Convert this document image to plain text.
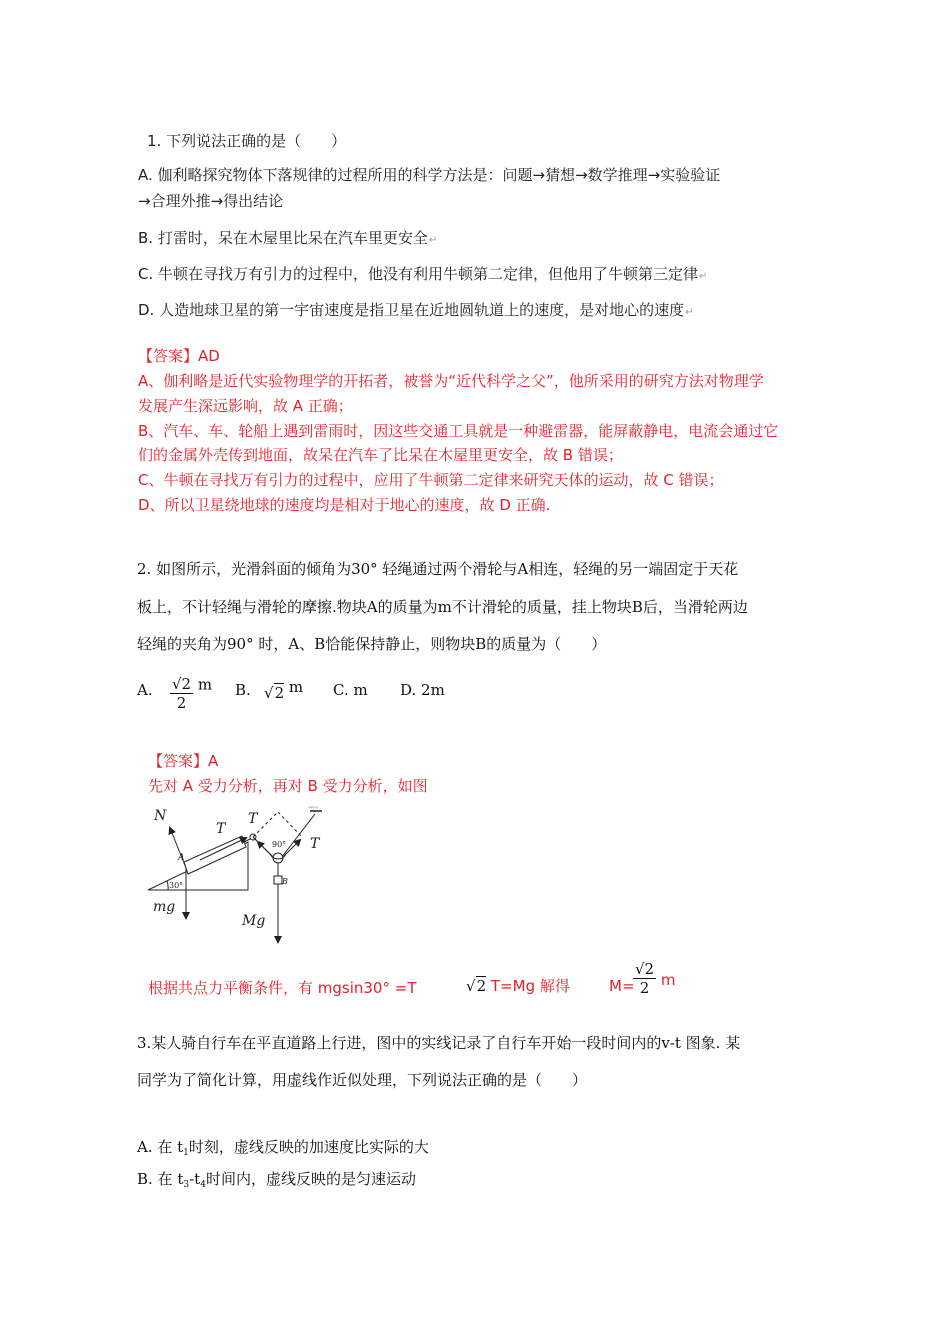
1. 下列说法正确的是（　　）
A. 伽利略探究物体下落规律的过程所用的科学方法是：问题→猜想→数学推理→实验验证
→合理外推→得出结论
B. 打雷时，呆在木屋里比呆在汽车里更安全↵
C. 牛顿在寻找万有引力的过程中，他没有利用牛顿第二定律，但他用了牛顿第三定律↵
D. 人造地球卫星的第一宇宙速度是指卫星在近地圆轨道上的速度，是对地心的速度↵
【答案】AD
A、伽利略是近代实验物理学的开拓者，被誉为“近代科学之父”，他所采用的研究方法对物理学
发展产生深远影响，故 A 正确；
B、汽车、车、轮船上遇到雷雨时，因这些交通工具就是一种避雷器，能屏蔽静电，电流会通过它
们的金属外壳传到地面，故呆在汽车了比呆在木屋里更安全，故 B 错误；
C、牛顿在寻找万有引力的过程中，应用了牛顿第二定律来研究天体的运动，故 C 错误；
D、所以卫星绕地球的速度均是相对于地心的速度，故 D 正确.
2. 如图所示，光滑斜面的倾角为30° 轻绳通过两个滑轮与A相连，轻绳的另一端固定于天花
板上，不计轻绳与滑轮的摩擦.物块A的质量为m不计滑轮的质量，挂上物块B后，当滑轮两边
轻绳的夹角为90° 时，A、B恰能保持静止，则物块B的质量为（　　）
A. $\frac{√2}{2}$ m B. √2 m C. m D. 2m
【答案】A
先对 A 受力分析，再对 B 受力分析，如图
N
T
T
T
A
B
30°
90°
mg
Mg
ceiling
根据共点力平衡条件，有 mgsin30° =T	√2 T=Mg 解得	M=
$\frac{√2}{2}$ m
3.某人骑自行车在平直道路上行进，图中的实线记录了自行车开始一段时间内的v-t 图象. 某
同学为了简化计算，用虚线作近似处理，下列说法正确的是（　　）
A. 在 $t_1$时刻，虚线反映的加速度比实际的大
B. 在 $t_3-t_4$时间内，虚线反映的是匀速运动
